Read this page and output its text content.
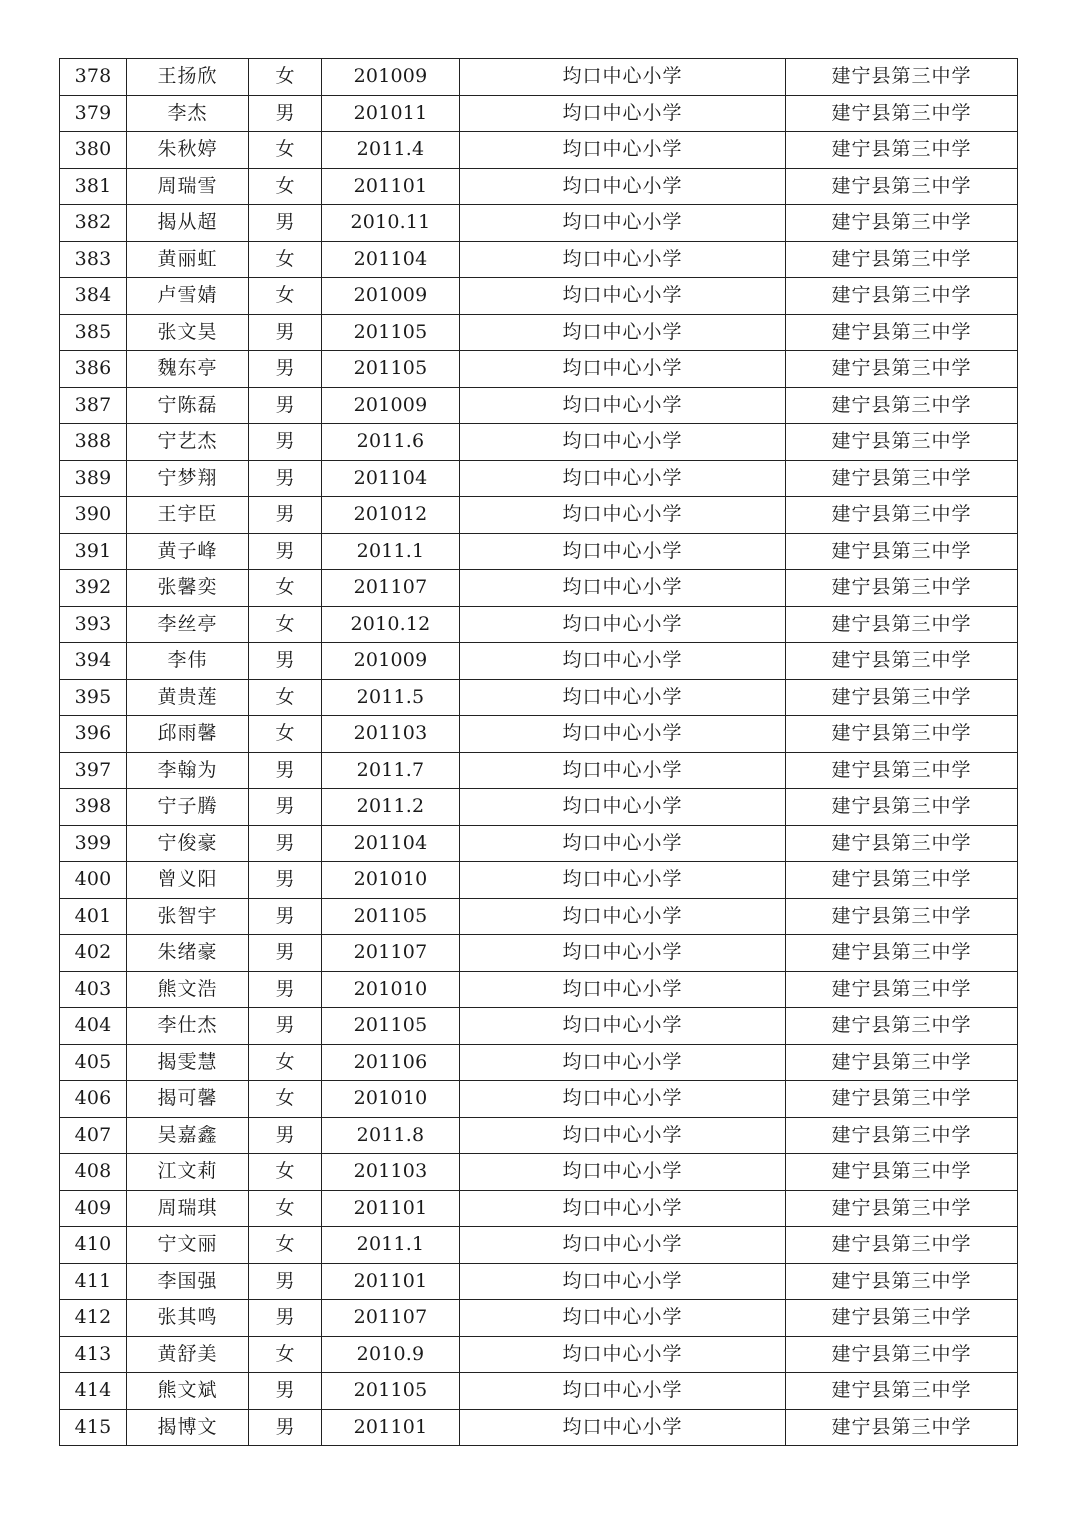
378	王扬欣	女	201009	均口中心小学	建宁县第三中学
379	李杰	男	201011	均口中心小学	建宁县第三中学
380	朱秋婷	女	2011.4	均口中心小学	建宁县第三中学
381	周瑞雪	女	201101	均口中心小学	建宁县第三中学
382	揭从超	男	2010.11	均口中心小学	建宁县第三中学
383	黄丽虹	女	201104	均口中心小学	建宁县第三中学
384	卢雪婧	女	201009	均口中心小学	建宁县第三中学
385	张文昊	男	201105	均口中心小学	建宁县第三中学
386	魏东亭	男	201105	均口中心小学	建宁县第三中学
387	宁陈磊	男	201009	均口中心小学	建宁县第三中学
388	宁艺杰	男	2011.6	均口中心小学	建宁县第三中学
389	宁梦翔	男	201104	均口中心小学	建宁县第三中学
390	王宇臣	男	201012	均口中心小学	建宁县第三中学
391	黄子峰	男	2011.1	均口中心小学	建宁县第三中学
392	张馨奕	女	201107	均口中心小学	建宁县第三中学
393	李丝亭	女	2010.12	均口中心小学	建宁县第三中学
394	李伟	男	201009	均口中心小学	建宁县第三中学
395	黄贵莲	女	2011.5	均口中心小学	建宁县第三中学
396	邱雨馨	女	201103	均口中心小学	建宁县第三中学
397	李翰为	男	2011.7	均口中心小学	建宁县第三中学
398	宁子腾	男	2011.2	均口中心小学	建宁县第三中学
399	宁俊豪	男	201104	均口中心小学	建宁县第三中学
400	曾义阳	男	201010	均口中心小学	建宁县第三中学
401	张智宇	男	201105	均口中心小学	建宁县第三中学
402	朱绪豪	男	201107	均口中心小学	建宁县第三中学
403	熊文浩	男	201010	均口中心小学	建宁县第三中学
404	李仕杰	男	201105	均口中心小学	建宁县第三中学
405	揭雯慧	女	201106	均口中心小学	建宁县第三中学
406	揭可馨	女	201010	均口中心小学	建宁县第三中学
407	吴嘉鑫	男	2011.8	均口中心小学	建宁县第三中学
408	江文莉	女	201103	均口中心小学	建宁县第三中学
409	周瑞琪	女	201101	均口中心小学	建宁县第三中学
410	宁文丽	女	2011.1	均口中心小学	建宁县第三中学
411	李国强	男	201101	均口中心小学	建宁县第三中学
412	张其鸣	男	201107	均口中心小学	建宁县第三中学
413	黄舒美	女	2010.9	均口中心小学	建宁县第三中学
414	熊文斌	男	201105	均口中心小学	建宁县第三中学
415	揭博文	男	201101	均口中心小学	建宁县第三中学
